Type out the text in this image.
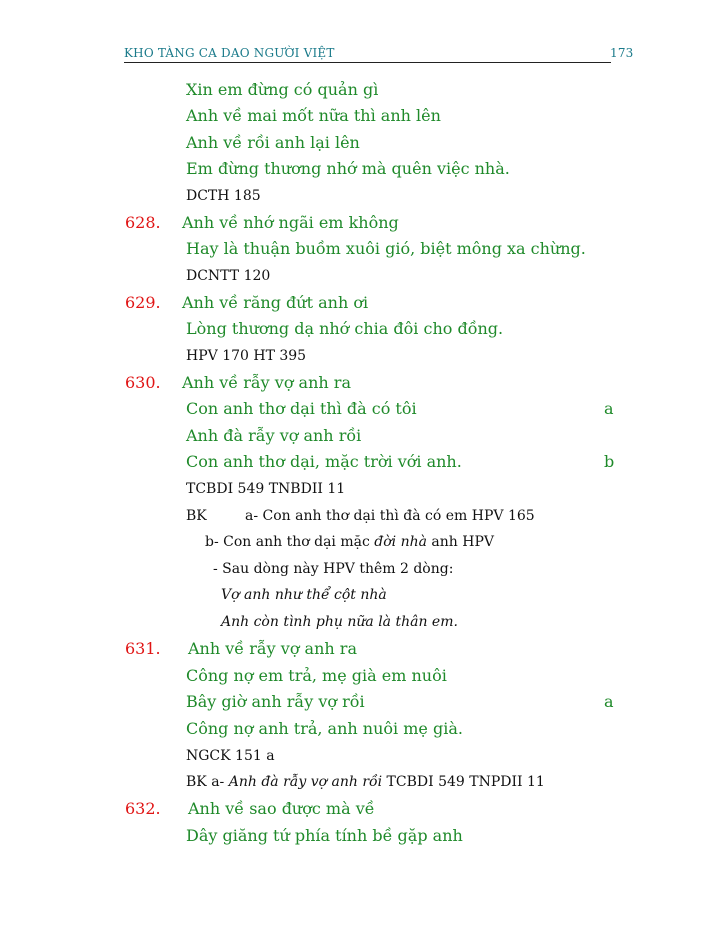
KHO TÀNG CA DAO NGƯỜI VIỆT	173
Xin em đừng có quản gì
Anh về mai mốt nữa thì anh lên
Anh về rồi anh lại lên
Em đừng thương nhớ mà quên việc nhà.
DCTH 185
628. Anh về nhớ ngãi em không
Hay là thuận buồm xuôi gió, biệt mông xa chừng.
DCNTT 120
629. Anh về răng đứt anh ơi
Lòng thương dạ nhớ chia đôi cho đồng.
HPV 170 HT 395
630. Anh về rẫy vợ anh ra
Con anh thơ dại thì đà có tôi	a
Anh đà rẫy vợ anh rồi
Con anh thơ dại, mặc trời với anh.	b
TCBDI 549 TNBDII 11
BK	a- Con anh thơ dại thì đà có em HPV 165
b- Con anh thơ dại mặc đời nhà anh HPV
- Sau dòng này HPV thêm 2 dòng:
Vợ anh như thể cột nhà
Anh còn tình phụ nữa là thân em.
631. Anh về rẫy vợ anh ra
Công nợ em trả, mẹ già em nuôi
Bây giờ anh rẫy vợ rồi	a
Công nợ anh trả, anh nuôi mẹ già.
NGCK 151 a
BK a- Anh đà rẫy vợ anh rồi TCBDI 549 TNPDII 11
632. Anh về sao được mà về
Dây giăng tứ phía tính bề gặp anh
